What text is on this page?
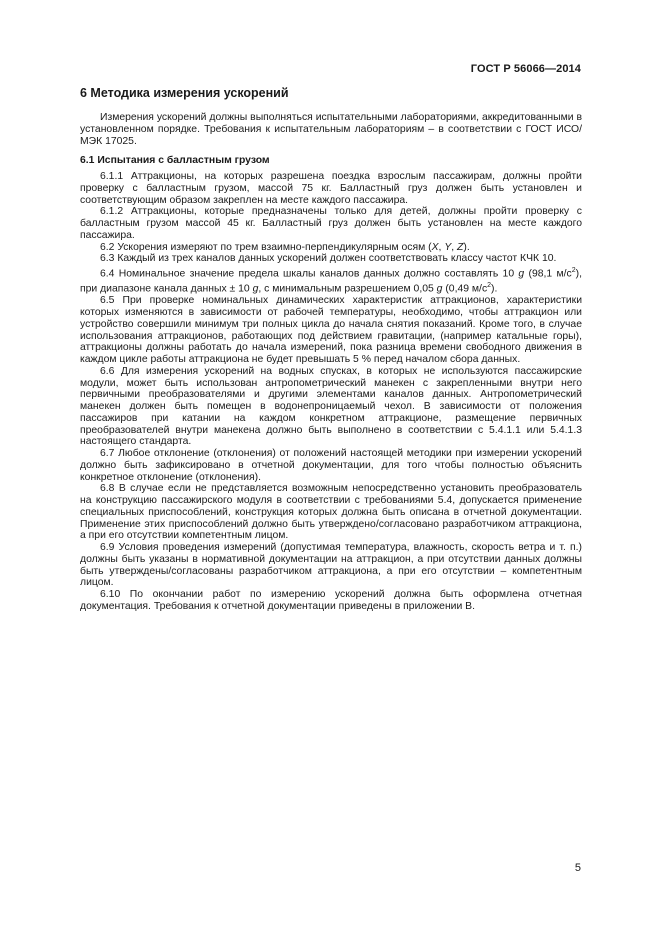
ГОСТ Р 56066—2014
6 Методика измерения ускорений

Измерения ускорений должны выполняться испытательными лабораториями, аккредитованными в установленном порядке. Требования к испытательным лабораториям – в соответствии с ГОСТ ИСО/МЭК 17025.

6.1 Испытания с балластным грузом

6.1.1 Аттракционы, на которых разрешена поездка взрослым пассажирам, должны пройти проверку с балластным грузом, массой 75 кг. Балластный груз должен быть установлен и соответствующим образом закреплен на месте каждого пассажира.

6.1.2 Аттракционы, которые предназначены только для детей, должны пройти проверку с балластным грузом массой 45 кг. Балластный груз должен быть установлен на месте каждого пассажира.

6.2 Ускорения измеряют по трем взаимно-перпендикулярным осям (X, Y, Z).

6.3 Каждый из трех каналов данных ускорений должен соответствовать классу частот КЧК 10.

6.4 Номинальное значение предела шкалы каналов данных должно составлять 10 g (98,1 $м/с^2$), при диапазоне канала данных ± 10 g, с минимальным разрешением 0,05 g (0,49 $м/с^2$).

6.5 При проверке номинальных динамических характеристик аттракционов, характеристики которых изменяются в зависимости от рабочей температуры, необходимо, чтобы аттракцион или устройство совершили минимум три полных цикла до начала снятия показаний. Кроме того, в случае использования аттракционов, работающих под действием гравитации, (например катальные горы), аттракционы должны работать до начала измерений, пока разница времени свободного движения в каждом цикле работы аттракциона не будет превышать 5 % перед началом сбора данных.

6.6 Для измерения ускорений на водных спусках, в которых не используются пассажирские модули, может быть использован антропометрический манекен с закрепленными внутри него первичными преобразователями и другими элементами каналов данных. Антропометрический манекен должен быть помещен в водонепроницаемый чехол. В зависимости от положения пассажиров при катании на каждом конкретном аттракционе, размещение первичных преобразователей внутри манекена должно быть выполнено в соответствии с 5.4.1.1 или 5.4.1.3 настоящего стандарта.

6.7 Любое отклонение (отклонения) от положений настоящей методики при измерении ускорений должно быть зафиксировано в отчетной документации, для того чтобы полностью объяснить конкретное отклонение (отклонения).

6.8 В случае если не представляется возможным непосредственно установить преобразователь на конструкцию пассажирского модуля в соответствии с требованиями 5.4, допускается применение специальных приспособлений, конструкция которых должна быть описана в отчетной документации. Применение этих приспособлений должно быть утверждено/согласовано разработчиком аттракциона, а при его отсутствии компетентным лицом.

6.9 Условия проведения измерений (допустимая температура, влажность, скорость ветра и т. п.) должны быть указаны в нормативной документации на аттракцион, а при отсутствии данных должны быть утверждены/согласованы разработчиком аттракциона, а при его отсутствии – компетентным лицом.

6.10 По окончании работ по измерению ускорений должна быть оформлена отчетная документация. Требования к отчетной документации приведены в приложении В.

5
